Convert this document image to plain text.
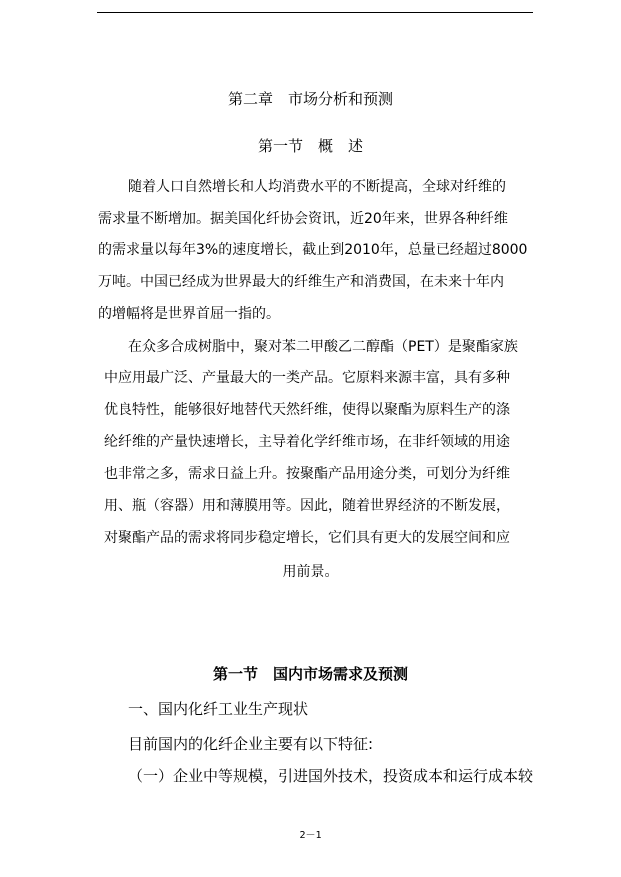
第二章　市场分析和预测
第一节　概　述
随着人口自然增长和人均消费水平的不断提高，全球对纤维的
需求量不断增加。据美国化纤协会资讯，近20年来，世界各种纤维
的需求量以每年3%的速度增长，截止到2010年，总量已经超过8000
万吨。中国已经成为世界最大的纤维生产和消费国，在未来十年内
的增幅将是世界首屈一指的。
在众多合成树脂中，聚对苯二甲酸乙二醇酯（PET）是聚酯家族
中应用最广泛、产量最大的一类产品。它原料来源丰富，具有多种
优良特性，能够很好地替代天然纤维，使得以聚酯为原料生产的涤
纶纤维的产量快速增长，主导着化学纤维市场，在非纤领域的用途
也非常之多，需求日益上升。按聚酯产品用途分类，可划分为纤维
用、瓶（容器）用和薄膜用等。因此，随着世界经济的不断发展，
对聚酯产品的需求将同步稳定增长，它们具有更大的发展空间和应
用前景。
第一节　国内市场需求及预测
一、国内化纤工业生产现状
目前国内的化纤企业主要有以下特征:
（一）企业中等规模，引进国外技术，投资成本和运行成本较
2－1
